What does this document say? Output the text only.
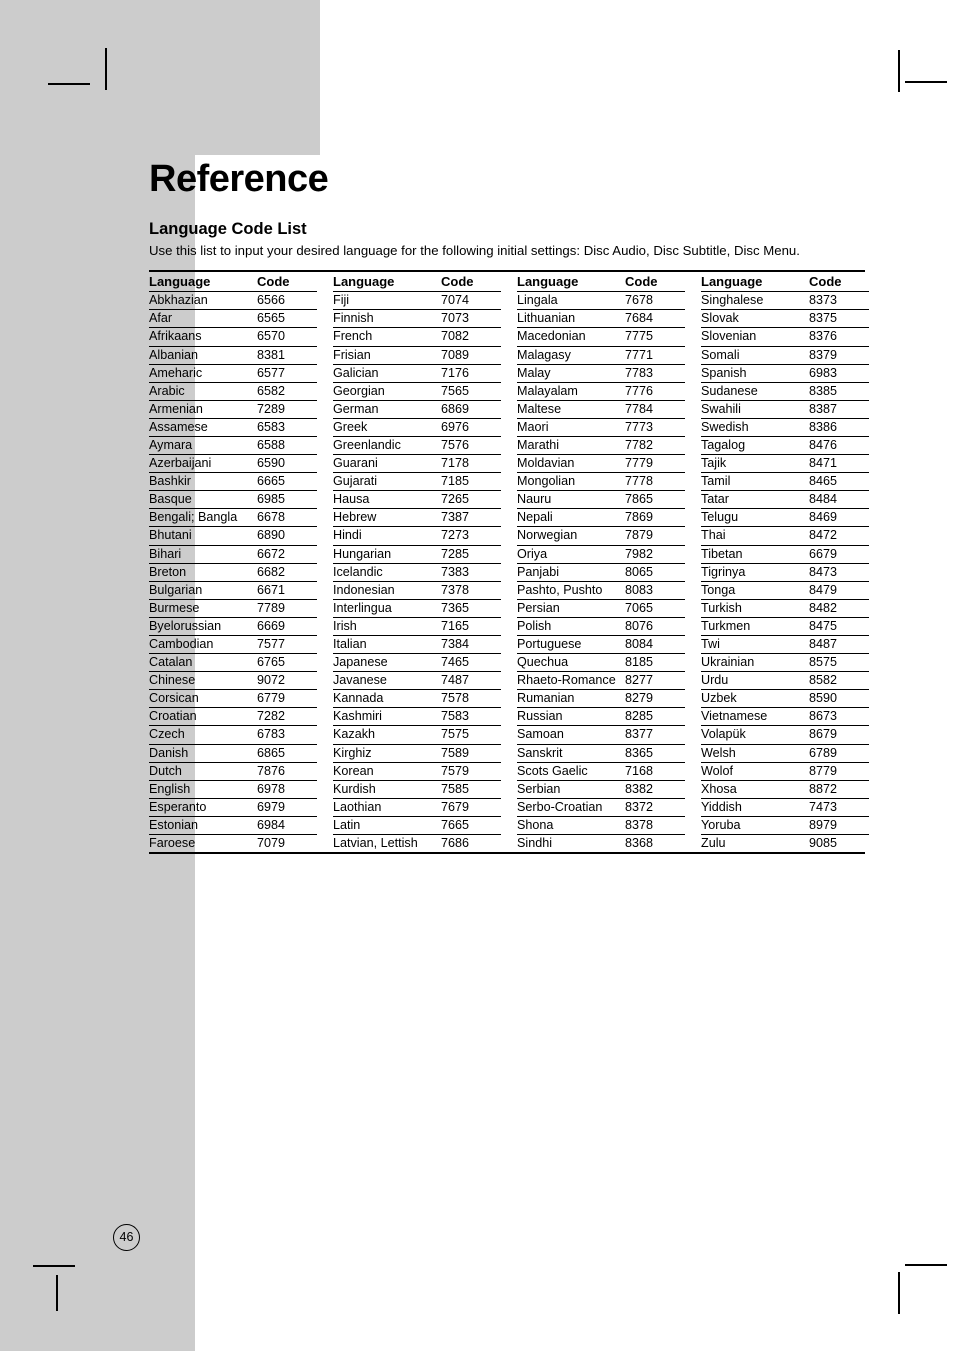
Reference
Language Code List

Use this list to input your desired language for the following initial settings: Disc Audio, Disc Subtitle, Disc Menu.

Language	Code		Language	Code		Language	Code		Language	Code
Abkhazian	6566		Fiji	7074		Lingala	7678		Singhalese	8373
Afar	6565		Finnish	7073		Lithuanian	7684		Slovak	8375
Afrikaans	6570		French	7082		Macedonian	7775		Slovenian	8376
Albanian	8381		Frisian	7089		Malagasy	7771		Somali	8379
Ameharic	6577		Galician	7176		Malay	7783		Spanish	6983
Arabic	6582		Georgian	7565		Malayalam	7776		Sudanese	8385
Armenian	7289		German	6869		Maltese	7784		Swahili	8387
Assamese	6583		Greek	6976		Maori	7773		Swedish	8386
Aymara	6588		Greenlandic	7576		Marathi	7782		Tagalog	8476
Azerbaijani	6590		Guarani	7178		Moldavian	7779		Tajik	8471
Bashkir	6665		Gujarati	7185		Mongolian	7778		Tamil	8465
Basque	6985		Hausa	7265		Nauru	7865		Tatar	8484
Bengali; Bangla	6678		Hebrew	7387		Nepali	7869		Telugu	8469
Bhutani	6890		Hindi	7273		Norwegian	7879		Thai	8472
Bihari	6672		Hungarian	7285		Oriya	7982		Tibetan	6679
Breton	6682		Icelandic	7383		Panjabi	8065		Tigrinya	8473
Bulgarian	6671		Indonesian	7378		Pashto, Pushto	8083		Tonga	8479
Burmese	7789		Interlingua	7365		Persian	7065		Turkish	8482
Byelorussian	6669		Irish	7165		Polish	8076		Turkmen	8475
Cambodian	7577		Italian	7384		Portuguese	8084		Twi	8487
Catalan	6765		Japanese	7465		Quechua	8185		Ukrainian	8575
Chinese	9072		Javanese	7487		Rhaeto-Romance	8277		Urdu	8582
Corsican	6779		Kannada	7578		Rumanian	8279		Uzbek	8590
Croatian	7282		Kashmiri	7583		Russian	8285		Vietnamese	8673
Czech	6783		Kazakh	7575		Samoan	8377		Volapük	8679
Danish	6865		Kirghiz	7589		Sanskrit	8365		Welsh	6789
Dutch	7876		Korean	7579		Scots Gaelic	7168		Wolof	8779
English	6978		Kurdish	7585		Serbian	8382		Xhosa	8872
Esperanto	6979		Laothian	7679		Serbo-Croatian	8372		Yiddish	7473
Estonian	6984		Latin	7665		Shona	8378		Yoruba	8979
Faroese	7079		Latvian, Lettish	7686		Sindhi	8368		Zulu	9085
46
